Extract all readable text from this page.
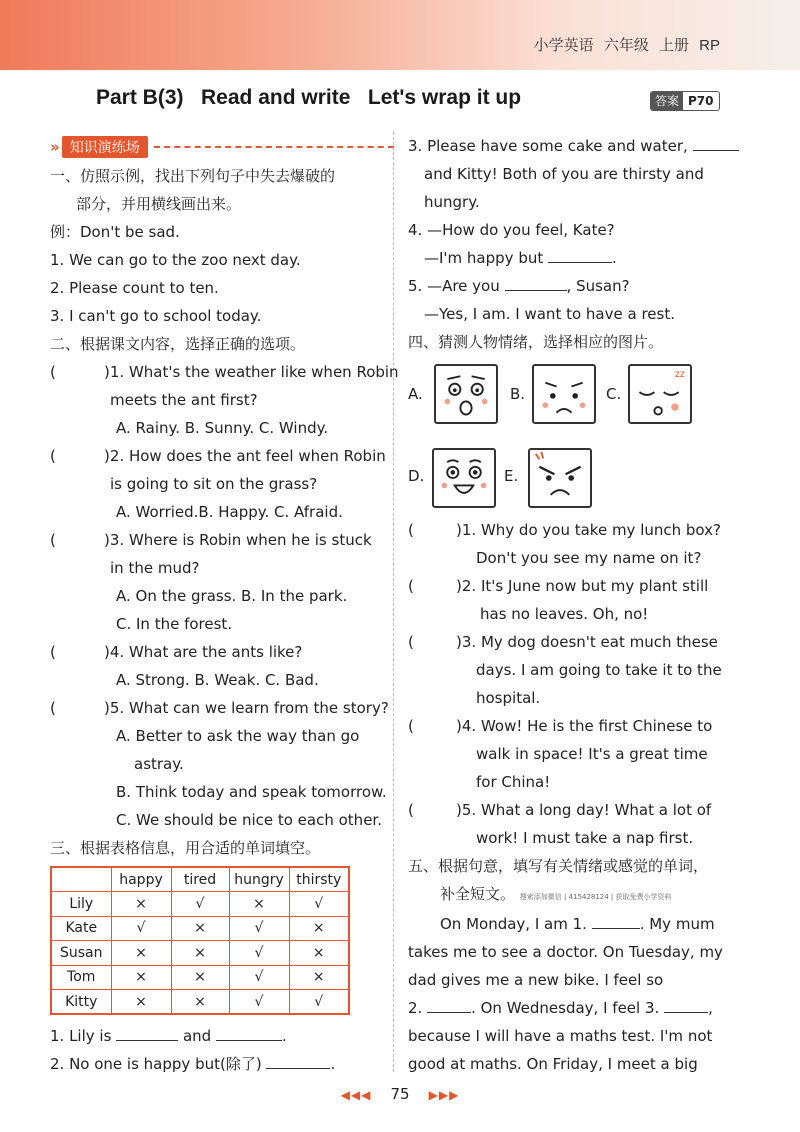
小学英语 六年级 上册 RP
Part B(3)   Read and write   Let's wrap it up	答案 P70
» 知识演练场
一、仿照示例，找出下列句子中失去爆破的
部分，并用横线画出来。
例：Don't be sad.
1. We can go to the zoo next day.
2. Please count to ten.
3. I can't go to school today.
二、根据课文内容，选择正确的选项。
(	)1. What's the weather like when Robin
meets the ant first?
A. Rainy. B. Sunny. C. Windy.
(	)2. How does the ant feel when Robin
is going to sit on the grass?
A. Worried.B. Happy. C. Afraid.
(	)3. Where is Robin when he is stuck
in the mud?
A. On the grass. B. In the park.
C. In the forest.
(	)4. What are the ants like?
A. Strong. B. Weak. C. Bad.
(	)5. What can we learn from the story?
A. Better to ask the way than go
astray.
B. Think today and speak tomorrow.
C. We should be nice to each other.
三、根据表格信息，用合适的单词填空。
	happy	tired	hungry	thirsty
Lily	×	√	×	√
Kate	√	×	√	×
Susan	×	×	√	×
Tom	×	×	√	×
Kitty	×	×	√	√
1. Lily is	and	.
2. No one is happy but(除了)	.
3. Please have some cake and water,
and Kitty! Both of you are thirsty and
hungry.
4. —How do you feel, Kate?
—I'm happy but	.
5. —Are you	, Susan?
—Yes, I am. I want to have a rest.
四、猜测人物情绪，选择相应的图片。
A.	B.	C.
zz
D.	E.
(	)1. Why do you take my lunch box?
Don't you see my name on it?
(	)2. It's June now but my plant still
has no leaves. Oh, no!
(	)3. My dog doesn't eat much these
days. I am going to take it to the
hospital.
(	)4. Wow! He is the first Chinese to
walk in space! It's a great time
for China!
(	)5. What a long day! What a lot of
work! I must take a nap first.
五、根据句意，填写有关情绪或感觉的单词，
补全短文。 搜索添加微信 | 415428124 | 获取免费小学资料
On Monday, I am 1.	. My mum
takes me to see a doctor. On Tuesday, my
dad gives me a new bike. I feel so
2.	. On Wednesday, I feel 3.	,
because I will have a maths test. I'm not
good at maths. On Friday, I meet a big
◀◀◀ 75 ▶▶▶
